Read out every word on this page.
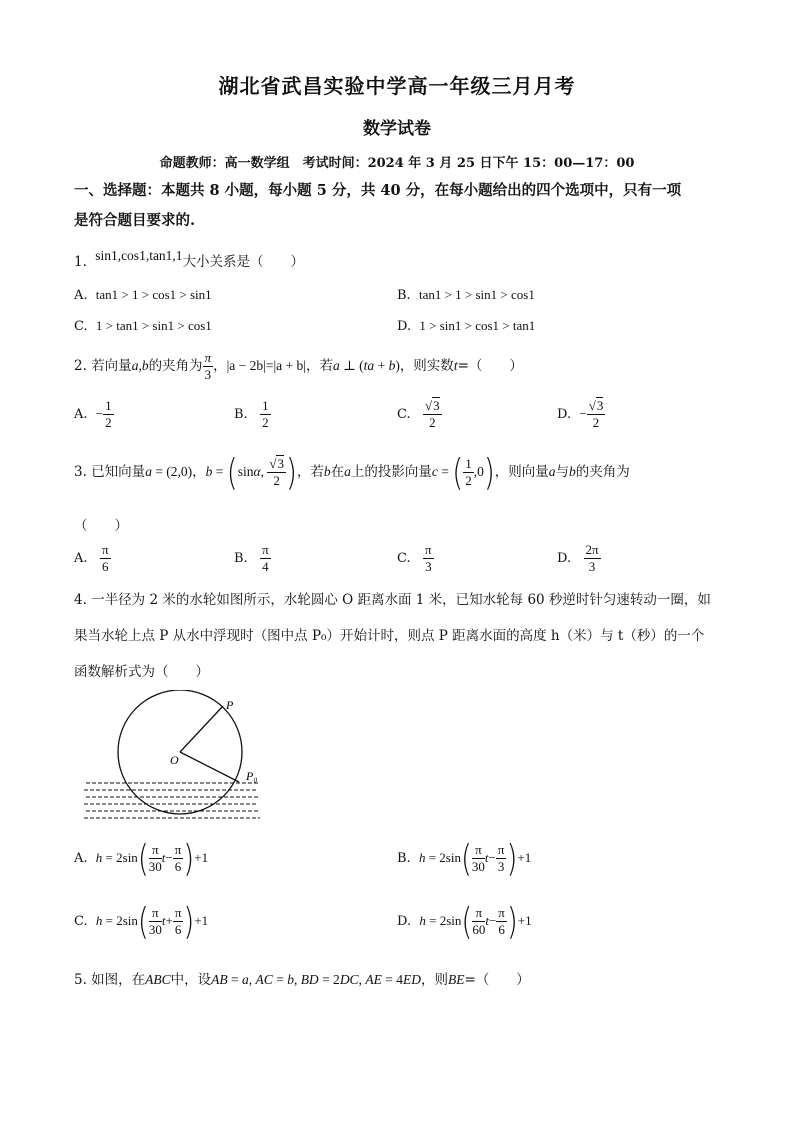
湖北省武昌实验中学高一年级三月月考
数学试卷
命题教师：高一数学组　考试时间：2024 年 3 月 25 日下午 15：00—17：00
一、选择题：本题共 8 小题，每小题 5 分，共 40 分，在每小题给出的四个选项中，只有一项
是符合题目要求的.
1. sin1,cos1,tan1,1大小关系是（　　）
A. tan1 > 1 > cos1 > sin1	B. tan1 > 1 > sin1 > cos1
C. 1 > tan1 > sin1 > cos1	D. 1 > sin1 > cos1 > tan1
2. 若向量a,b的夹角为 $\frac{\pi}{3}$ ，|a − 2b|=|a + b|，若a ⊥ (ta + b)，则实数t=（　　）
A. − $\frac{1}{2}$	B. $\frac{1}{2}$	C. $\frac{√3}{2}$	D. − $\frac{√3}{2}$
3. 已知向量a = (2,0)，b = (sinα, $\frac{√3}{2}$ )，若b在a上的投影向量c = ( $\frac{1}{2} ,0$)，则向量a与b的夹角为
（　　）
A. $\frac{\pi}{6}$	B. $\frac{\pi}{4}$	C. $\frac{\pi}{3}$	D. $\frac{2\pi}{3}$
4. 一半径为 2 米的水轮如图所示，水轮圆心 O 距离水面 1 米，已知水轮每 60 秒逆时针匀速转动一圈，如
果当水轮上点 P 从水中浮现时（图中点 P₀）开始计时，则点 P 距离水面的高度 h（米）与 t（秒）的一个
函数解析式为（　　）
P
O
P₀
A. $h = 2\sin( \frac{\pi}{30} t- \frac{\pi}{6} )+1$	B. $h = 2\sin( \frac{\pi}{30} t- \frac{\pi}{3} )+1$
C. $h = 2\sin( \frac{\pi}{30} t+ \frac{\pi}{6} )+1$	D. $h = 2\sin( \frac{\pi}{60} t- \frac{\pi}{6} )+1$
5. 如图，在ABC中，设AB = a, AC = b, BD = 2DC, AE = 4ED，则BE=（　　）
